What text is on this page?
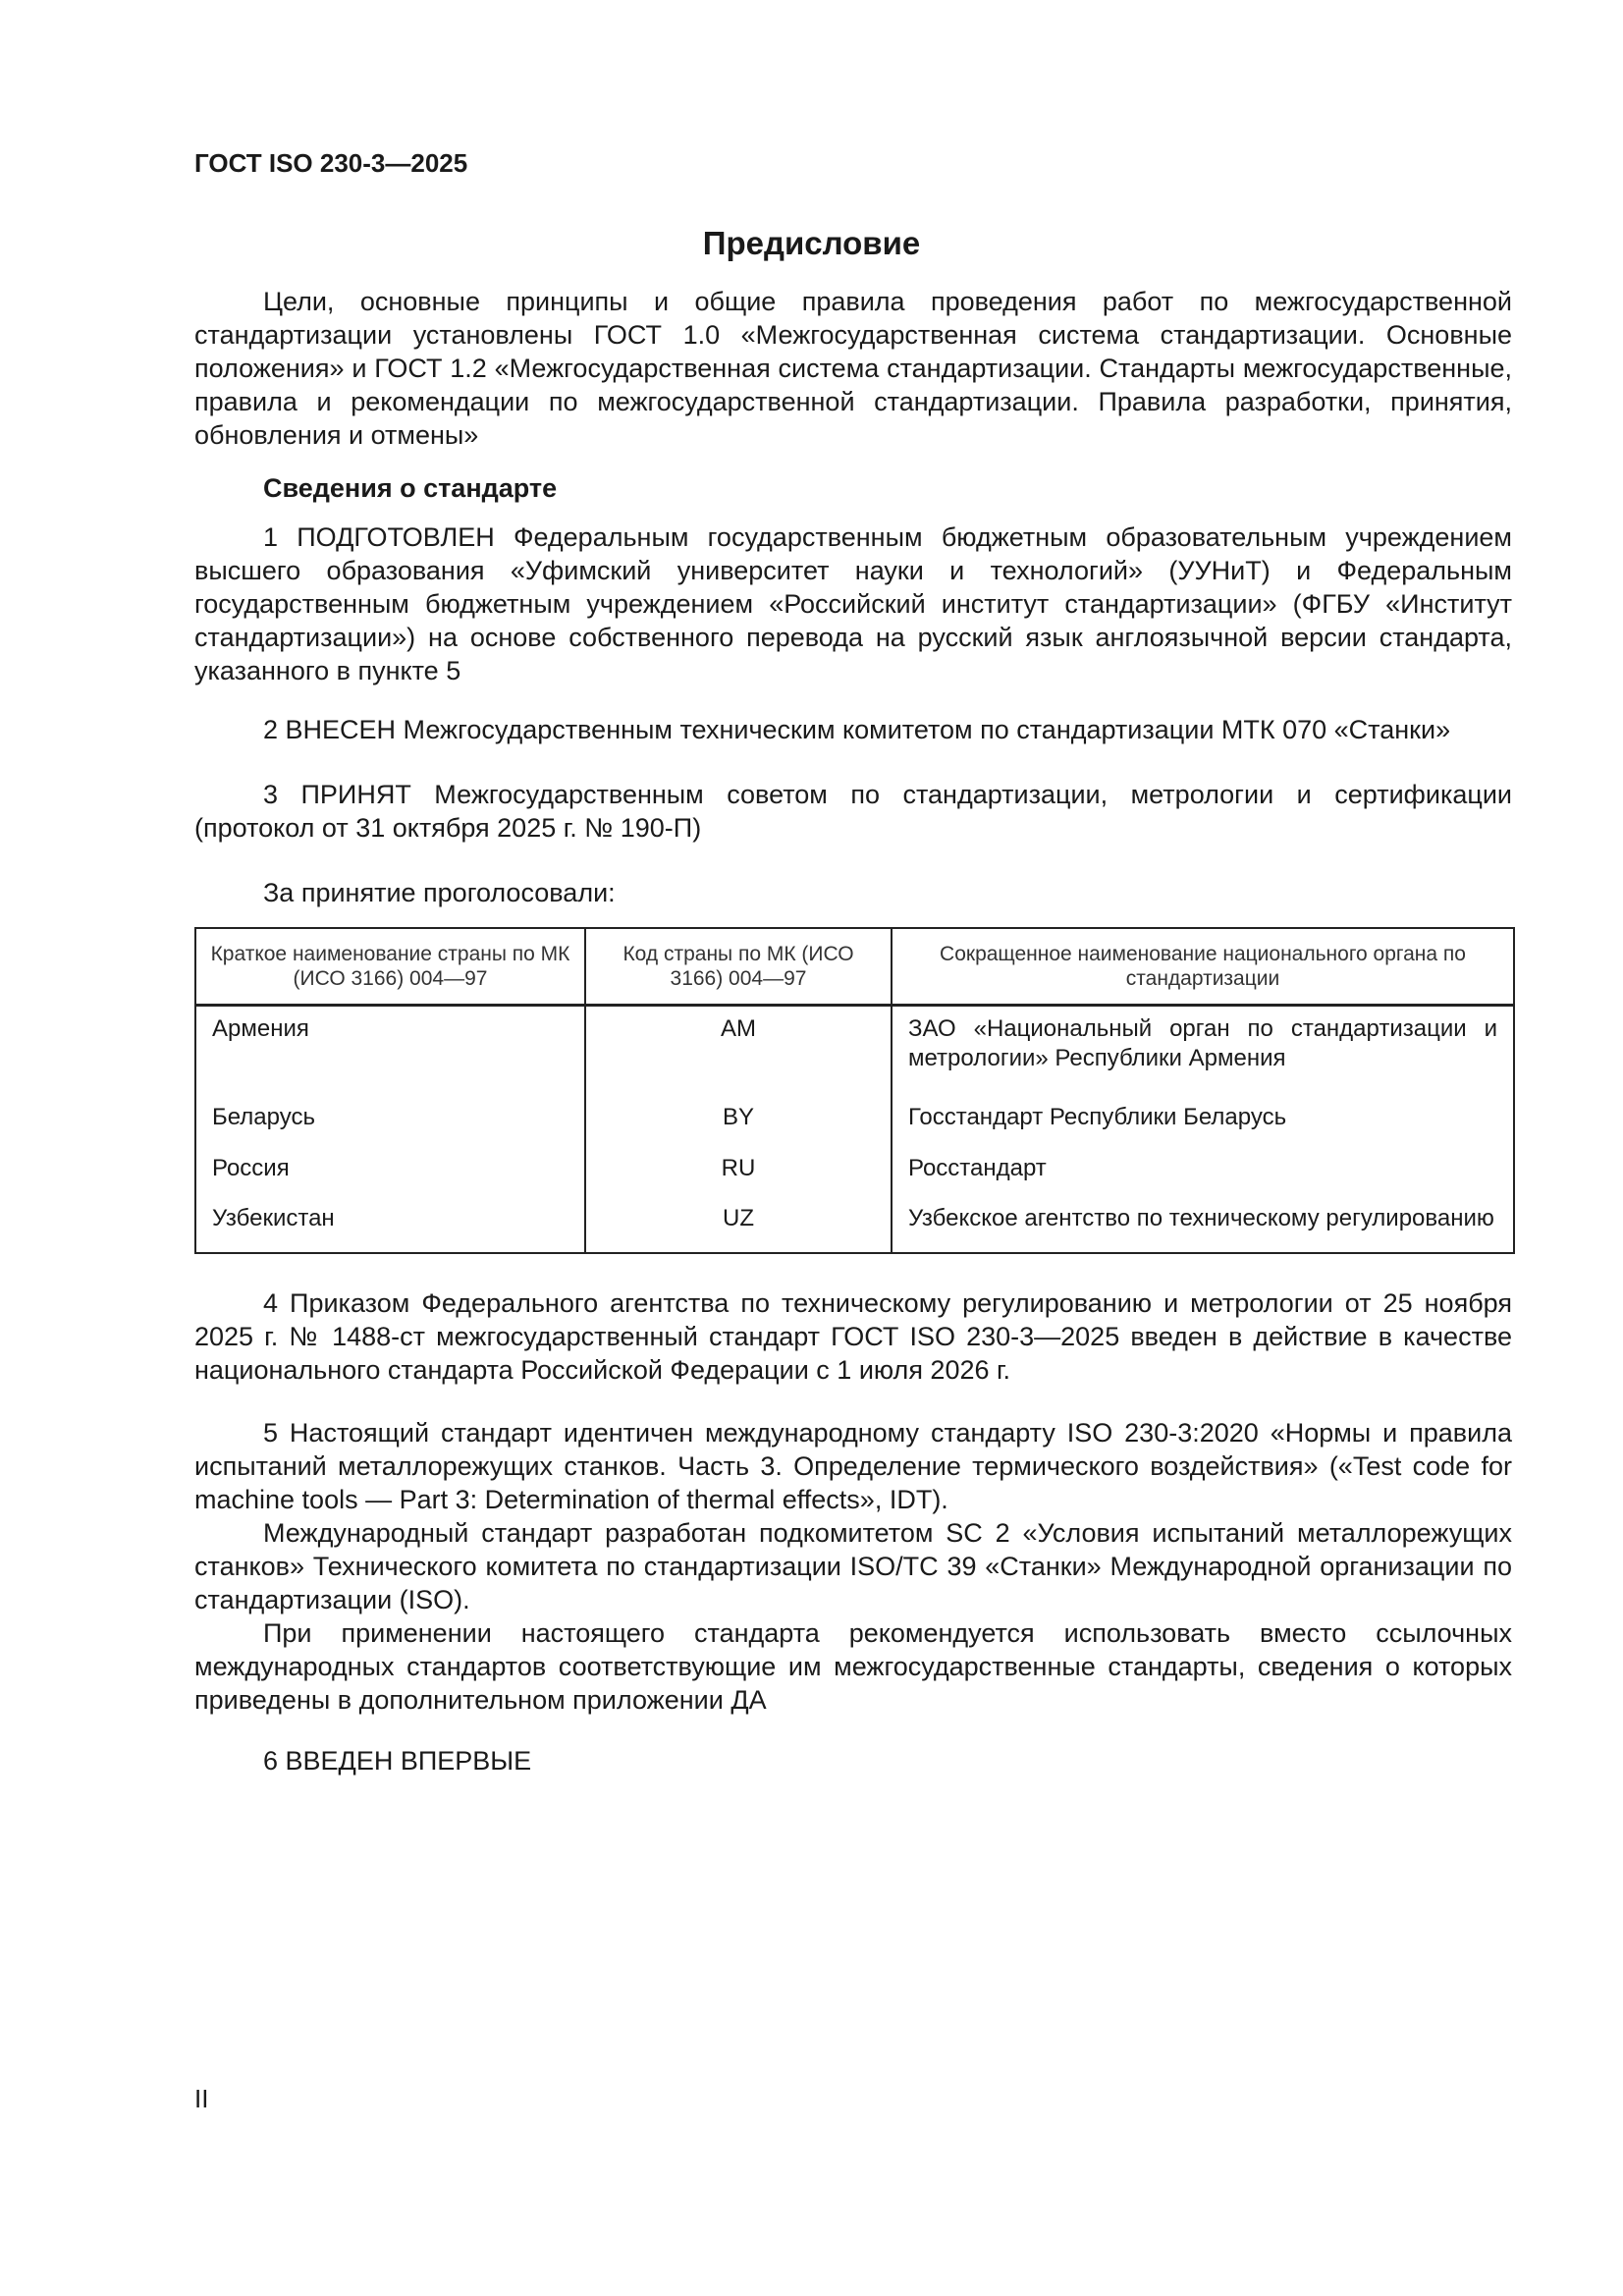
ГОСТ ISO 230-3—2025
Предисловие

Цели, основные принципы и общие правила проведения работ по межгосударственной стандартизации установлены ГОСТ 1.0 «Межгосударственная система стандартизации. Основные положения» и ГОСТ 1.2 «Межгосударственная система стандартизации. Стандарты межгосударственные, правила и рекомендации по межгосударственной стандартизации. Правила разработки, принятия, обновления и отмены»

Сведения о стандарте

1 ПОДГОТОВЛЕН Федеральным государственным бюджетным образовательным учреждением высшего образования «Уфимский университет науки и технологий» (УУНиТ) и Федеральным государственным бюджетным учреждением «Российский институт стандартизации» (ФГБУ «Институт стандартизации») на основе собственного перевода на русский язык англоязычной версии стандарта, указанного в пункте 5

2 ВНЕСЕН Межгосударственным техническим комитетом по стандартизации МТК 070 «Станки»

3 ПРИНЯТ Межгосударственным советом по стандартизации, метрологии и сертификации (протокол от 31 октября 2025 г. № 190-П)

За принятие проголосовали:

Краткое наименование страны по МК (ИСО 3166) 004—97	Код страны по МК (ИСО 3166) 004—97	Сокращенное наименование национального органа по стандартизации
Армения	AM	ЗАО «Национальный орган по стандартизации и метрологии» Республики Армения
Беларусь	BY	Госстандарт Республики Беларусь
Россия	RU	Росстандарт
Узбекистан	UZ	Узбекское агентство по техническому регулированию

4 Приказом Федерального агентства по техническому регулированию и метрологии от 25 ноября 2025 г. № 1488-ст межгосударственный стандарт ГОСТ ISO 230-3—2025 введен в действие в качестве национального стандарта Российской Федерации с 1 июля 2026 г.

5 Настоящий стандарт идентичен международному стандарту ISO 230-3:2020 «Нормы и правила испытаний металлорежущих станков. Часть 3. Определение термического воздействия» («Test code for machine tools — Part 3: Determination of thermal effects», IDT).

Международный стандарт разработан подкомитетом SC 2 «Условия испытаний металлорежущих станков» Технического комитета по стандартизации ISO/TC 39 «Станки» Международной организации по стандартизации (ISO).

При применении настоящего стандарта рекомендуется использовать вместо ссылочных международных стандартов соответствующие им межгосударственные стандарты, сведения о которых приведены в дополнительном приложении ДА

6 ВВЕДЕН ВПЕРВЫЕ

II
